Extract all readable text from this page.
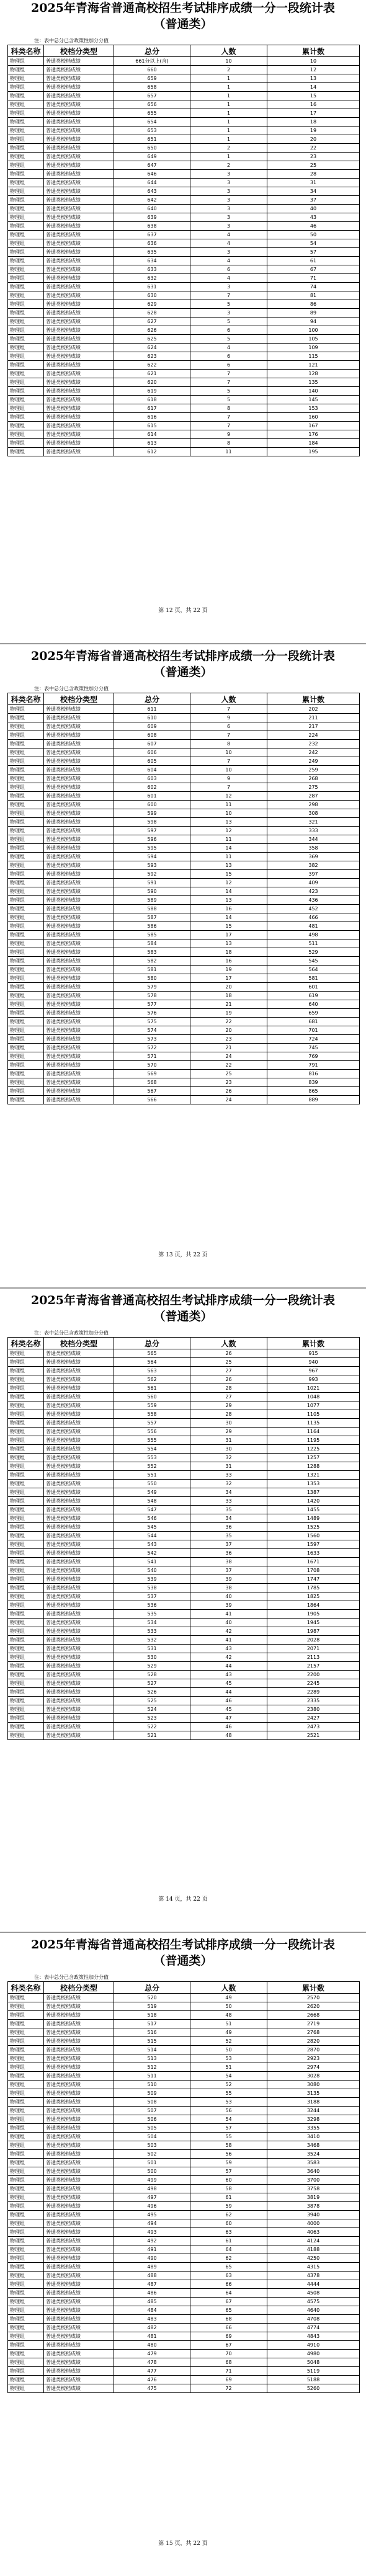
2025年青海省普通高校招生考试排序成绩一分一段统计表
（普通类）
注：表中总分已含政策性加分分值
科类名称	校档分类型	总分	人数	累计数
物理组	普通类校档成绩	661分以上(含)	10	10
物理组	普通类校档成绩	660	2	12
物理组	普通类校档成绩	659	1	13
物理组	普通类校档成绩	658	1	14
物理组	普通类校档成绩	657	1	15
物理组	普通类校档成绩	656	1	16
物理组	普通类校档成绩	655	1	17
物理组	普通类校档成绩	654	1	18
物理组	普通类校档成绩	653	1	19
物理组	普通类校档成绩	651	1	20
物理组	普通类校档成绩	650	2	22
物理组	普通类校档成绩	649	1	23
物理组	普通类校档成绩	647	2	25
物理组	普通类校档成绩	646	3	28
物理组	普通类校档成绩	644	3	31
物理组	普通类校档成绩	643	3	34
物理组	普通类校档成绩	642	3	37
物理组	普通类校档成绩	640	3	40
物理组	普通类校档成绩	639	3	43
物理组	普通类校档成绩	638	3	46
物理组	普通类校档成绩	637	4	50
物理组	普通类校档成绩	636	4	54
物理组	普通类校档成绩	635	3	57
物理组	普通类校档成绩	634	4	61
物理组	普通类校档成绩	633	6	67
物理组	普通类校档成绩	632	4	71
物理组	普通类校档成绩	631	3	74
物理组	普通类校档成绩	630	7	81
物理组	普通类校档成绩	629	5	86
物理组	普通类校档成绩	628	3	89
物理组	普通类校档成绩	627	5	94
物理组	普通类校档成绩	626	6	100
物理组	普通类校档成绩	625	5	105
物理组	普通类校档成绩	624	4	109
物理组	普通类校档成绩	623	6	115
物理组	普通类校档成绩	622	6	121
物理组	普通类校档成绩	621	7	128
物理组	普通类校档成绩	620	7	135
物理组	普通类校档成绩	619	5	140
物理组	普通类校档成绩	618	5	145
物理组	普通类校档成绩	617	8	153
物理组	普通类校档成绩	616	7	160
物理组	普通类校档成绩	615	7	167
物理组	普通类校档成绩	614	9	176
物理组	普通类校档成绩	613	8	184
物理组	普通类校档成绩	612	11	195
第 12 页，共 22 页
2025年青海省普通高校招生考试排序成绩一分一段统计表
（普通类）
注：表中总分已含政策性加分分值
科类名称	校档分类型	总分	人数	累计数
物理组	普通类校档成绩	611	7	202
物理组	普通类校档成绩	610	9	211
物理组	普通类校档成绩	609	6	217
物理组	普通类校档成绩	608	7	224
物理组	普通类校档成绩	607	8	232
物理组	普通类校档成绩	606	10	242
物理组	普通类校档成绩	605	7	249
物理组	普通类校档成绩	604	10	259
物理组	普通类校档成绩	603	9	268
物理组	普通类校档成绩	602	7	275
物理组	普通类校档成绩	601	12	287
物理组	普通类校档成绩	600	11	298
物理组	普通类校档成绩	599	10	308
物理组	普通类校档成绩	598	13	321
物理组	普通类校档成绩	597	12	333
物理组	普通类校档成绩	596	11	344
物理组	普通类校档成绩	595	14	358
物理组	普通类校档成绩	594	11	369
物理组	普通类校档成绩	593	13	382
物理组	普通类校档成绩	592	15	397
物理组	普通类校档成绩	591	12	409
物理组	普通类校档成绩	590	14	423
物理组	普通类校档成绩	589	13	436
物理组	普通类校档成绩	588	16	452
物理组	普通类校档成绩	587	14	466
物理组	普通类校档成绩	586	15	481
物理组	普通类校档成绩	585	17	498
物理组	普通类校档成绩	584	13	511
物理组	普通类校档成绩	583	18	529
物理组	普通类校档成绩	582	16	545
物理组	普通类校档成绩	581	19	564
物理组	普通类校档成绩	580	17	581
物理组	普通类校档成绩	579	20	601
物理组	普通类校档成绩	578	18	619
物理组	普通类校档成绩	577	21	640
物理组	普通类校档成绩	576	19	659
物理组	普通类校档成绩	575	22	681
物理组	普通类校档成绩	574	20	701
物理组	普通类校档成绩	573	23	724
物理组	普通类校档成绩	572	21	745
物理组	普通类校档成绩	571	24	769
物理组	普通类校档成绩	570	22	791
物理组	普通类校档成绩	569	25	816
物理组	普通类校档成绩	568	23	839
物理组	普通类校档成绩	567	26	865
物理组	普通类校档成绩	566	24	889
第 13 页，共 22 页
2025年青海省普通高校招生考试排序成绩一分一段统计表
（普通类）
注：表中总分已含政策性加分分值
科类名称	校档分类型	总分	人数	累计数
物理组	普通类校档成绩	565	26	915
物理组	普通类校档成绩	564	25	940
物理组	普通类校档成绩	563	27	967
物理组	普通类校档成绩	562	26	993
物理组	普通类校档成绩	561	28	1021
物理组	普通类校档成绩	560	27	1048
物理组	普通类校档成绩	559	29	1077
物理组	普通类校档成绩	558	28	1105
物理组	普通类校档成绩	557	30	1135
物理组	普通类校档成绩	556	29	1164
物理组	普通类校档成绩	555	31	1195
物理组	普通类校档成绩	554	30	1225
物理组	普通类校档成绩	553	32	1257
物理组	普通类校档成绩	552	31	1288
物理组	普通类校档成绩	551	33	1321
物理组	普通类校档成绩	550	32	1353
物理组	普通类校档成绩	549	34	1387
物理组	普通类校档成绩	548	33	1420
物理组	普通类校档成绩	547	35	1455
物理组	普通类校档成绩	546	34	1489
物理组	普通类校档成绩	545	36	1525
物理组	普通类校档成绩	544	35	1560
物理组	普通类校档成绩	543	37	1597
物理组	普通类校档成绩	542	36	1633
物理组	普通类校档成绩	541	38	1671
物理组	普通类校档成绩	540	37	1708
物理组	普通类校档成绩	539	39	1747
物理组	普通类校档成绩	538	38	1785
物理组	普通类校档成绩	537	40	1825
物理组	普通类校档成绩	536	39	1864
物理组	普通类校档成绩	535	41	1905
物理组	普通类校档成绩	534	40	1945
物理组	普通类校档成绩	533	42	1987
物理组	普通类校档成绩	532	41	2028
物理组	普通类校档成绩	531	43	2071
物理组	普通类校档成绩	530	42	2113
物理组	普通类校档成绩	529	44	2157
物理组	普通类校档成绩	528	43	2200
物理组	普通类校档成绩	527	45	2245
物理组	普通类校档成绩	526	44	2289
物理组	普通类校档成绩	525	46	2335
物理组	普通类校档成绩	524	45	2380
物理组	普通类校档成绩	523	47	2427
物理组	普通类校档成绩	522	46	2473
物理组	普通类校档成绩	521	48	2521
第 14 页，共 22 页
2025年青海省普通高校招生考试排序成绩一分一段统计表
（普通类）
注：表中总分已含政策性加分分值
科类名称	校档分类型	总分	人数	累计数
物理组	普通类校档成绩	520	49	2570
物理组	普通类校档成绩	519	50	2620
物理组	普通类校档成绩	518	48	2668
物理组	普通类校档成绩	517	51	2719
物理组	普通类校档成绩	516	49	2768
物理组	普通类校档成绩	515	52	2820
物理组	普通类校档成绩	514	50	2870
物理组	普通类校档成绩	513	53	2923
物理组	普通类校档成绩	512	51	2974
物理组	普通类校档成绩	511	54	3028
物理组	普通类校档成绩	510	52	3080
物理组	普通类校档成绩	509	55	3135
物理组	普通类校档成绩	508	53	3188
物理组	普通类校档成绩	507	56	3244
物理组	普通类校档成绩	506	54	3298
物理组	普通类校档成绩	505	57	3355
物理组	普通类校档成绩	504	55	3410
物理组	普通类校档成绩	503	58	3468
物理组	普通类校档成绩	502	56	3524
物理组	普通类校档成绩	501	59	3583
物理组	普通类校档成绩	500	57	3640
物理组	普通类校档成绩	499	60	3700
物理组	普通类校档成绩	498	58	3758
物理组	普通类校档成绩	497	61	3819
物理组	普通类校档成绩	496	59	3878
物理组	普通类校档成绩	495	62	3940
物理组	普通类校档成绩	494	60	4000
物理组	普通类校档成绩	493	63	4063
物理组	普通类校档成绩	492	61	4124
物理组	普通类校档成绩	491	64	4188
物理组	普通类校档成绩	490	62	4250
物理组	普通类校档成绩	489	65	4315
物理组	普通类校档成绩	488	63	4378
物理组	普通类校档成绩	487	66	4444
物理组	普通类校档成绩	486	64	4508
物理组	普通类校档成绩	485	67	4575
物理组	普通类校档成绩	484	65	4640
物理组	普通类校档成绩	483	68	4708
物理组	普通类校档成绩	482	66	4774
物理组	普通类校档成绩	481	69	4843
物理组	普通类校档成绩	480	67	4910
物理组	普通类校档成绩	479	70	4980
物理组	普通类校档成绩	478	68	5048
物理组	普通类校档成绩	477	71	5119
物理组	普通类校档成绩	476	69	5188
物理组	普通类校档成绩	475	72	5260
第 15 页，共 22 页
